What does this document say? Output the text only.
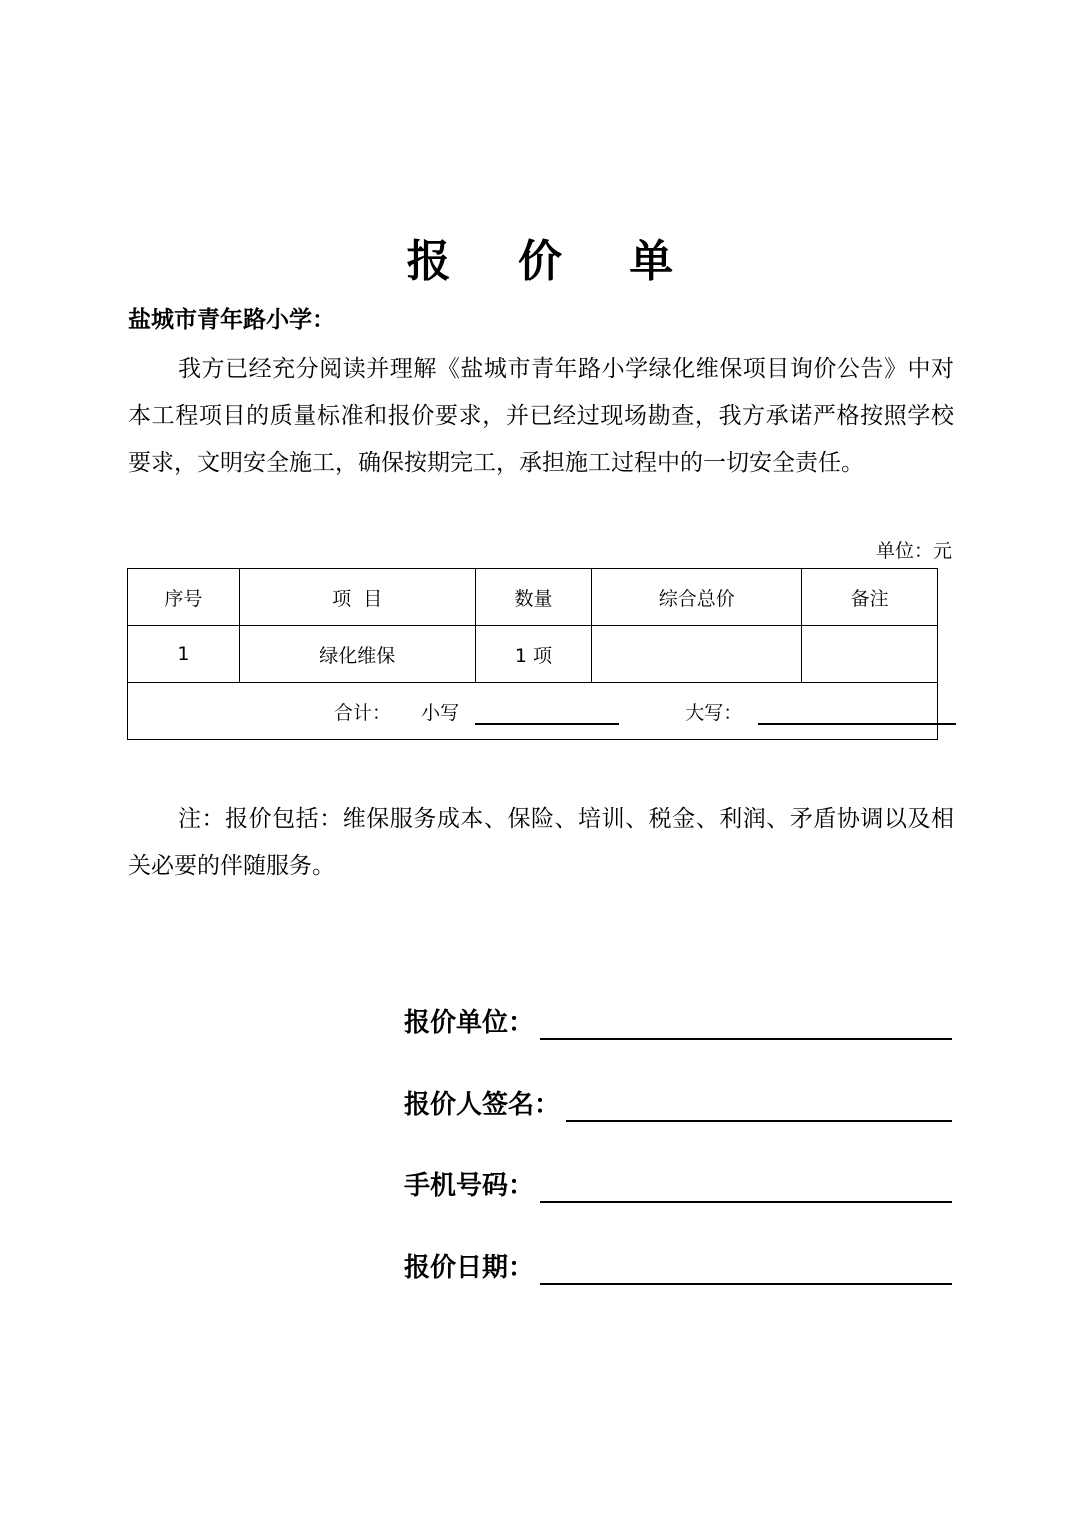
报 价 单
盐城市青年路小学：

我方已经充分阅读并理解《盐城市青年路小学绿化维保项目询价公告》中对本工程项目的质量标准和报价要求，并已经过现场勘查，我方承诺严格按照学校要求，文明安全施工，确保按期完工，承担施工过程中的一切安全责任。

单位：元
序号	项  目	数量	综合总价	备注
1	绿化维保	1 项		

合计： 小写 大写：				

注：报价包括：维保服务成本、保险、培训、税金、利润、矛盾协调以及相关必要的伴随服务。

报价单位：
报价人签名：
手机号码：
报价日期：
